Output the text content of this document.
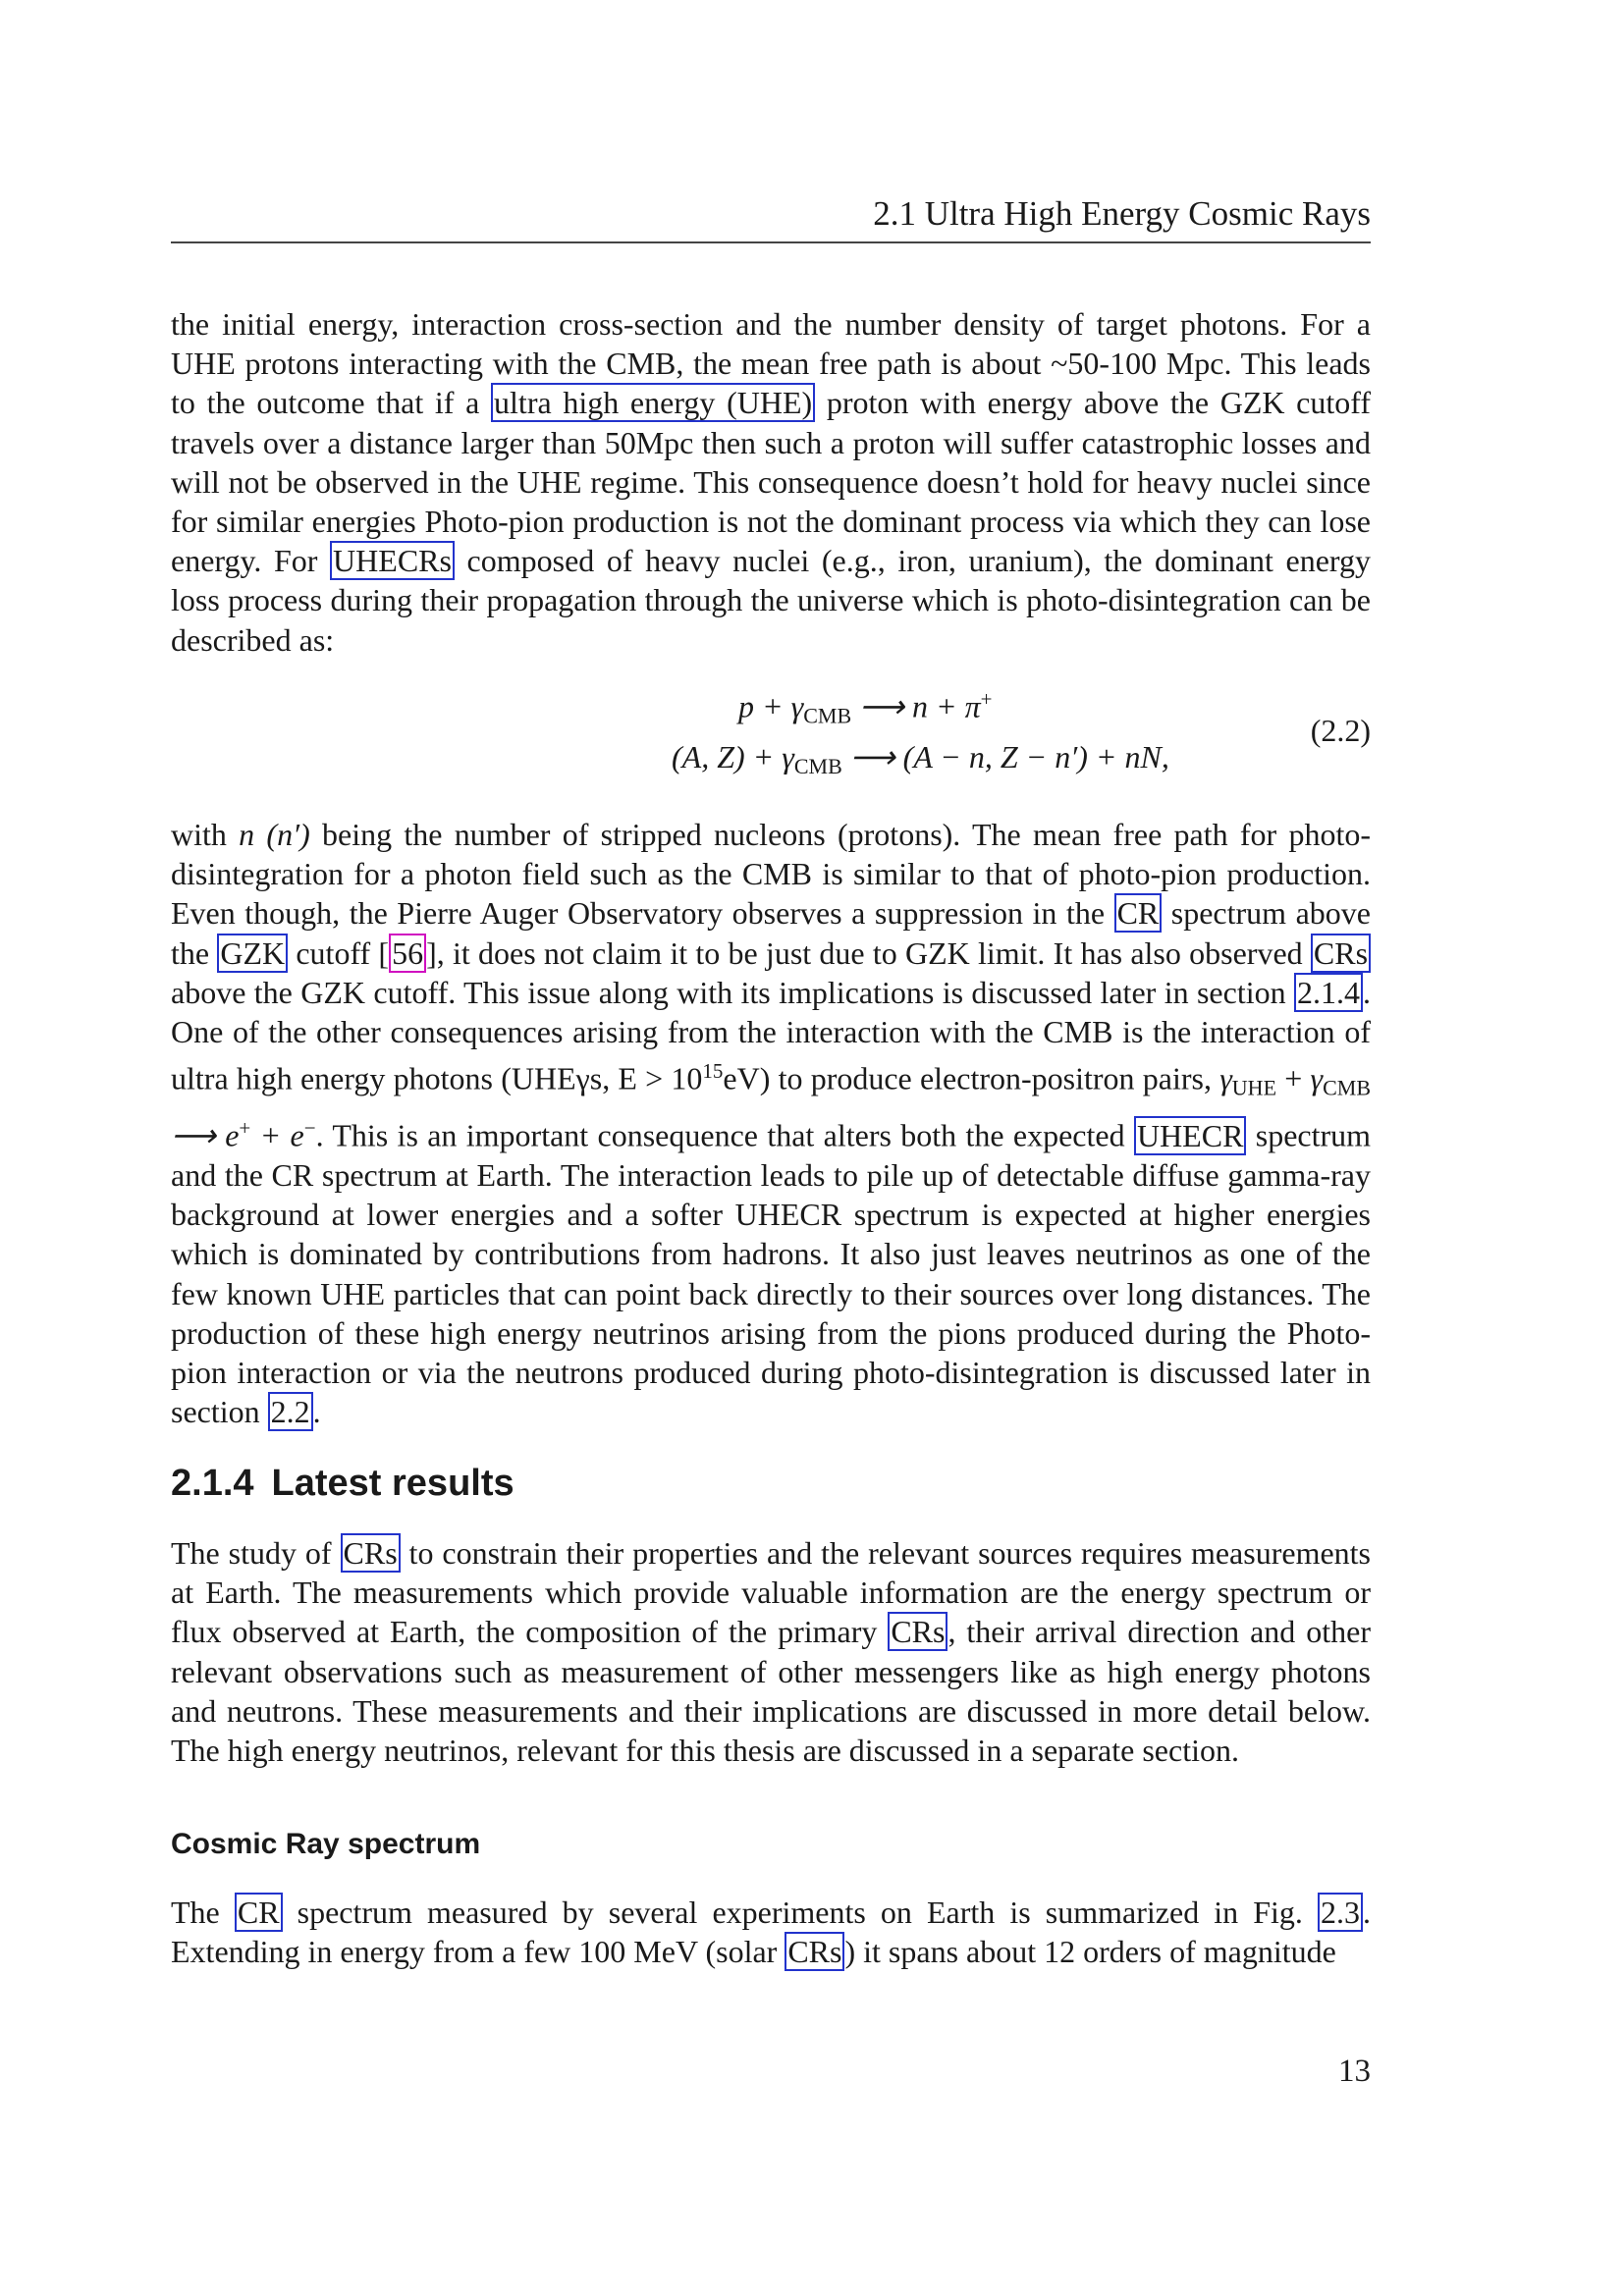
2.1 Ultra High Energy Cosmic Rays

the initial energy, interaction cross-section and the number density of target photons. For a UHE protons interacting with the CMB, the mean free path is about ~50-100 Mpc. This leads to the outcome that if a ultra high energy (UHE) proton with energy above the GZK cutoff travels over a distance larger than 50Mpc then such a proton will suffer catastrophic losses and will not be observed in the UHE regime. This consequence doesn’t hold for heavy nuclei since for similar energies Photo-pion production is not the dominant process via which they can lose energy. For UHECRs composed of heavy nuclei (e.g., iron, uranium), the dominant energy loss process during their propagation through the universe which is photo-disintegration can be described as:

$p + \gamma_{CMB}$ ⟶ n + π+
(A, $Z) + \gamma_{CMB}$ ⟶ (A − n, Z − n′) + nN,
(2.2)

with n (n′) being the number of stripped nucleons (protons). The mean free path for photo-disintegration for a photon field such as the CMB is similar to that of photo-pion production. Even though, the Pierre Auger Observatory observes a suppression in the CR spectrum above the GZK cutoff [56], it does not claim it to be just due to GZK limit. It has also observed CRs above the GZK cutoff. This issue along with its implications is discussed later in section 2.1.4. One of the other consequences arising from the interaction with the CMB is the interaction of ultra high energy photons (UHEγs, $E > 10^{15}eV$) to produce electron-positron pairs, $\gamma_{UHE} + \gamma_{CMB}$ ⟶ e+ + e−. This is an important consequence that alters both the expected UHECR spectrum and the CR spectrum at Earth. The interaction leads to pile up of detectable diffuse gamma-ray background at lower energies and a softer UHECR spectrum is expected at higher energies which is dominated by contributions from hadrons. It also just leaves neutrinos as one of the few known UHE particles that can point back directly to their sources over long distances. The production of these high energy neutrinos arising from the pions produced during the Photo-pion interaction or via the neutrons produced during photo-disintegration is discussed later in section 2.2.

2.1.4 Latest results

The study of CRs to constrain their properties and the relevant sources requires measurements at Earth. The measurements which provide valuable information are the energy spectrum or flux observed at Earth, the composition of the primary CRs, their arrival direction and other relevant observations such as measurement of other messengers like as high energy photons and neutrons. These measurements and their implications are discussed in more detail below. The high energy neutrinos, relevant for this thesis are discussed in a separate section.

Cosmic Ray spectrum

The CR spectrum measured by several experiments on Earth is summarized in Fig. 2.3. Extending in energy from a few 100 MeV (solar CRs) it spans about 12 orders of magnitude

13
